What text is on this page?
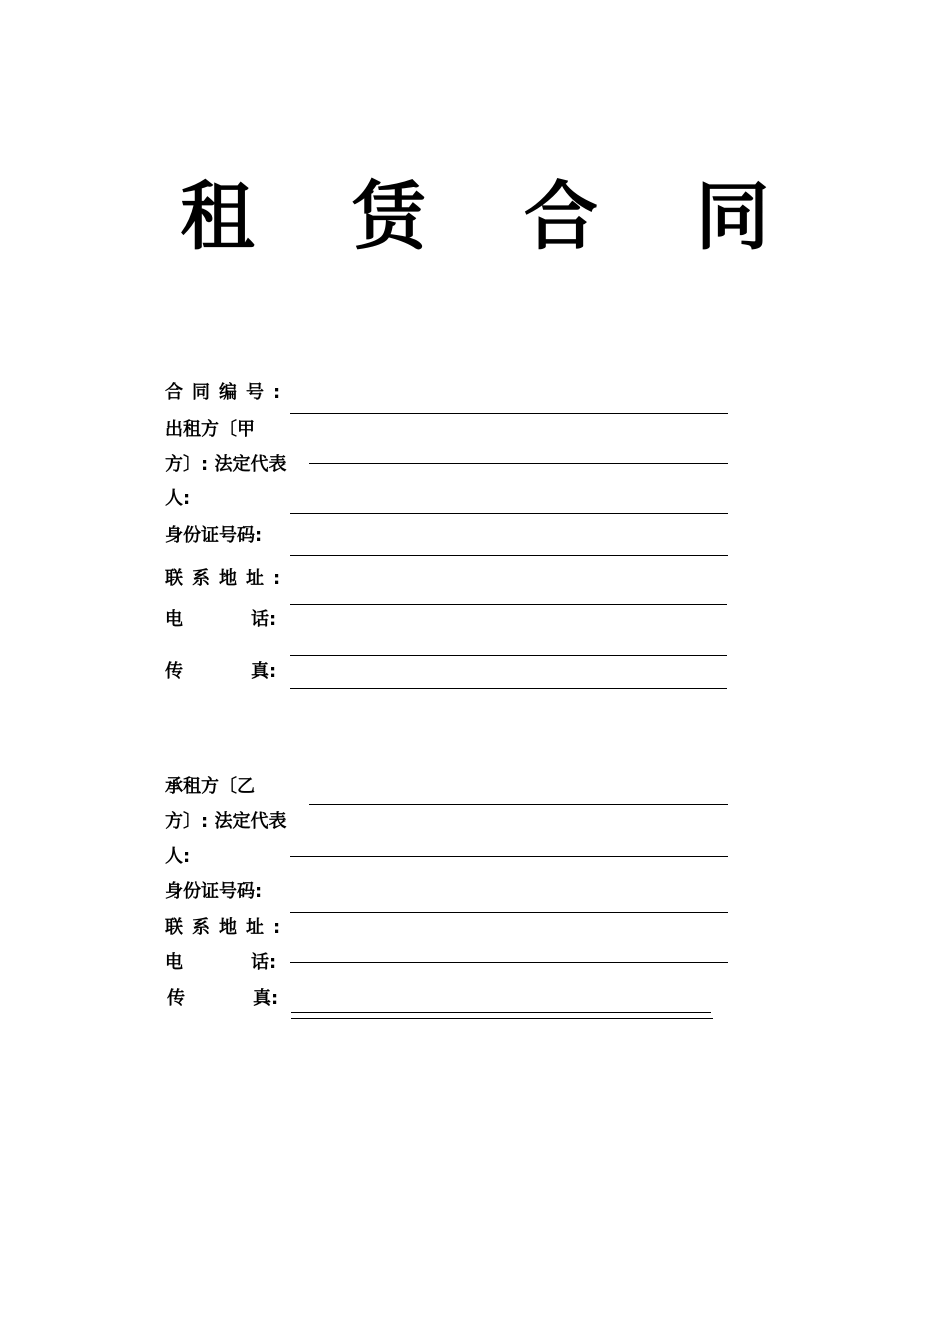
租 赁 合 同
合同编号:
出租方〔甲
方〕: 法定代表
人:
身份证号码:
联系地址:
电	话:
传	真:
承租方〔乙
方〕: 法定代表
人:
身份证号码:
联系地址:
电	话:
传	真:
